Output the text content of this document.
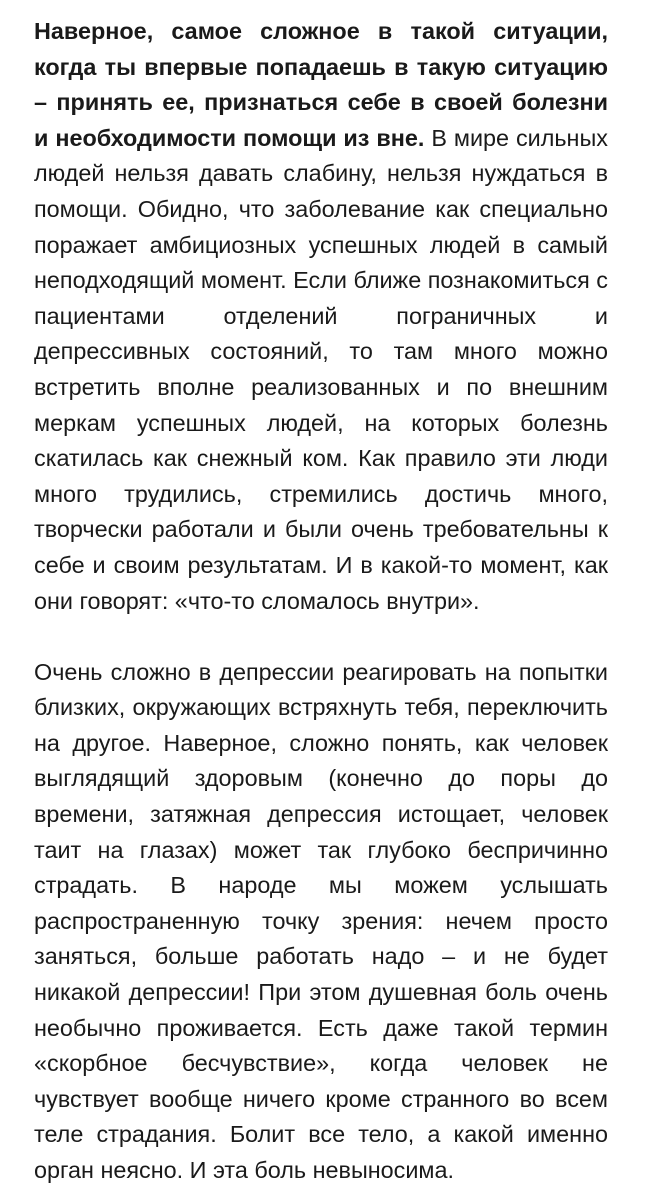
Наверное, самое сложное в такой ситуации, когда ты впервые попадаешь в такую ситуацию – принять ее, признаться себе в своей болезни и необходимости помощи из вне. В мире сильных людей нельзя давать слабину, нельзя нуждаться в помощи. Обидно, что заболевание как специально поражает амбициозных успешных людей в самый неподходящий момент. Если ближе познакомиться с пациентами отделений пограничных и депрессивных состояний, то там много можно встретить вполне реализованных и по внешним меркам успешных людей, на которых болезнь скатилась как снежный ком. Как правило эти люди много трудились, стремились достичь много, творчески работали и были очень требовательны к себе и своим результатам. И в какой-то момент, как они говорят: «что-то сломалось внутри».

Очень сложно в депрессии реагировать на попытки близких, окружающих встряхнуть тебя, переключить на другое. Наверное, сложно понять, как человек выглядящий здоровым (конечно до поры до времени, затяжная депрессия истощает, человек таит на глазах) может так глубоко беспричинно страдать. В народе мы можем услышать распространенную точку зрения: нечем просто заняться, больше работать надо – и не будет никакой депрессии! При этом душевная боль очень необычно проживается. Есть даже такой термин «скорбное бесчувствие», когда человек не чувствует вообще ничего кроме странного во всем теле страдания. Болит все тело, а какой именно орган неясно. И эта боль невыносима.
